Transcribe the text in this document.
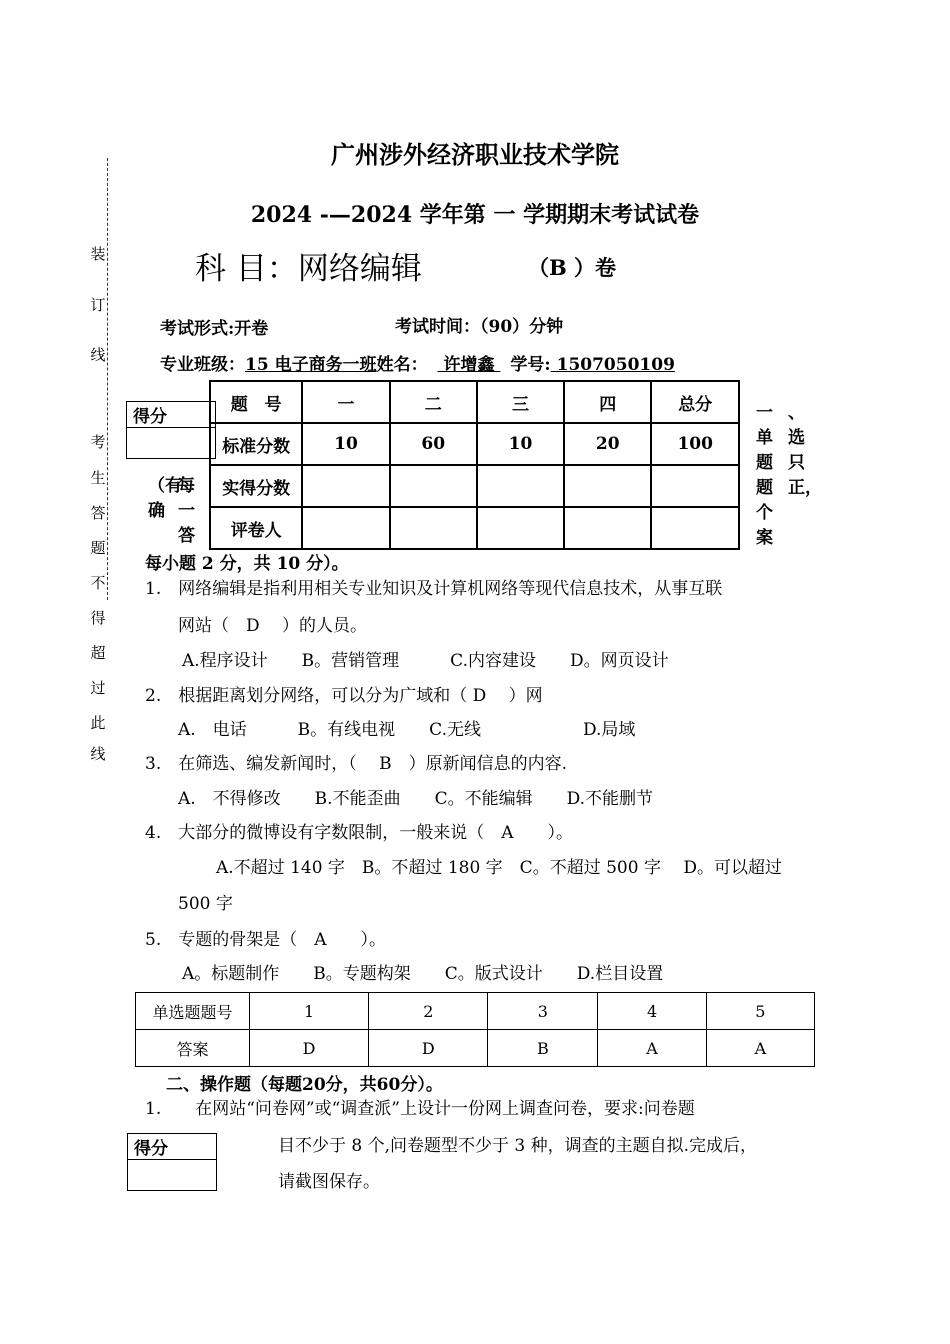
广州涉外经济职业技术学院
2024 -—2024 学年第 一 学期期末考试试卷
科 目：网络编辑	（B ）卷
考试形式:开卷	考试时间：（90）分钟
专业班级：15 电子商务一班姓名： 许增鑫 学号: 1507050109
装
订
线
考
生
答
题
不
得
超
过
此
线
得分
题　号	一	二	三	四	总分
标准分数	10	60	10	20	100
实得分数					
评卷人					
一单题题个案
、选 只正，
（有确
每一答
每小题 2 分，共 10 分）。
1.　网络编辑是指利用相关专业知识及计算机网络等现代信息技术，从事互联
网站（　D　 ）的人员。
A.程序设计　　B。营销管理　　　C.内容建设　　D。网页设计
2.　根据距离划分网络，可以分为广域和（ D　 ）网
A.　电话　　　B。有线电视　　C.无线　　　　　　D.局域
3.　在筛选、编发新闻时，（　 B　）原新闻信息的内容.
A.　不得修改　　B.不能歪曲　　C。不能编辑　　D.不能删节
4.　大部分的微博设有字数限制，一般来说（　A　　）。
A.不超过 140 字　B。不超过 180 字　C。不超过 500 字　 D。可以超过
500 字
5.　专题的骨架是（　A　　）。
A。标题制作　　B。专题构架　　C。版式设计　　D.栏目设置
单选题题号	1	2	3	4	5
答案	D	D	B	A	A
二、操作题（每题20分，共60分）。
1.　　在网站“问卷网”或“调查派”上设计一份网上调查问卷，要求:问卷题
目不少于 8 个,问卷题型不少于 3 种，调查的主题自拟.完成后，
请截图保存。
得分
